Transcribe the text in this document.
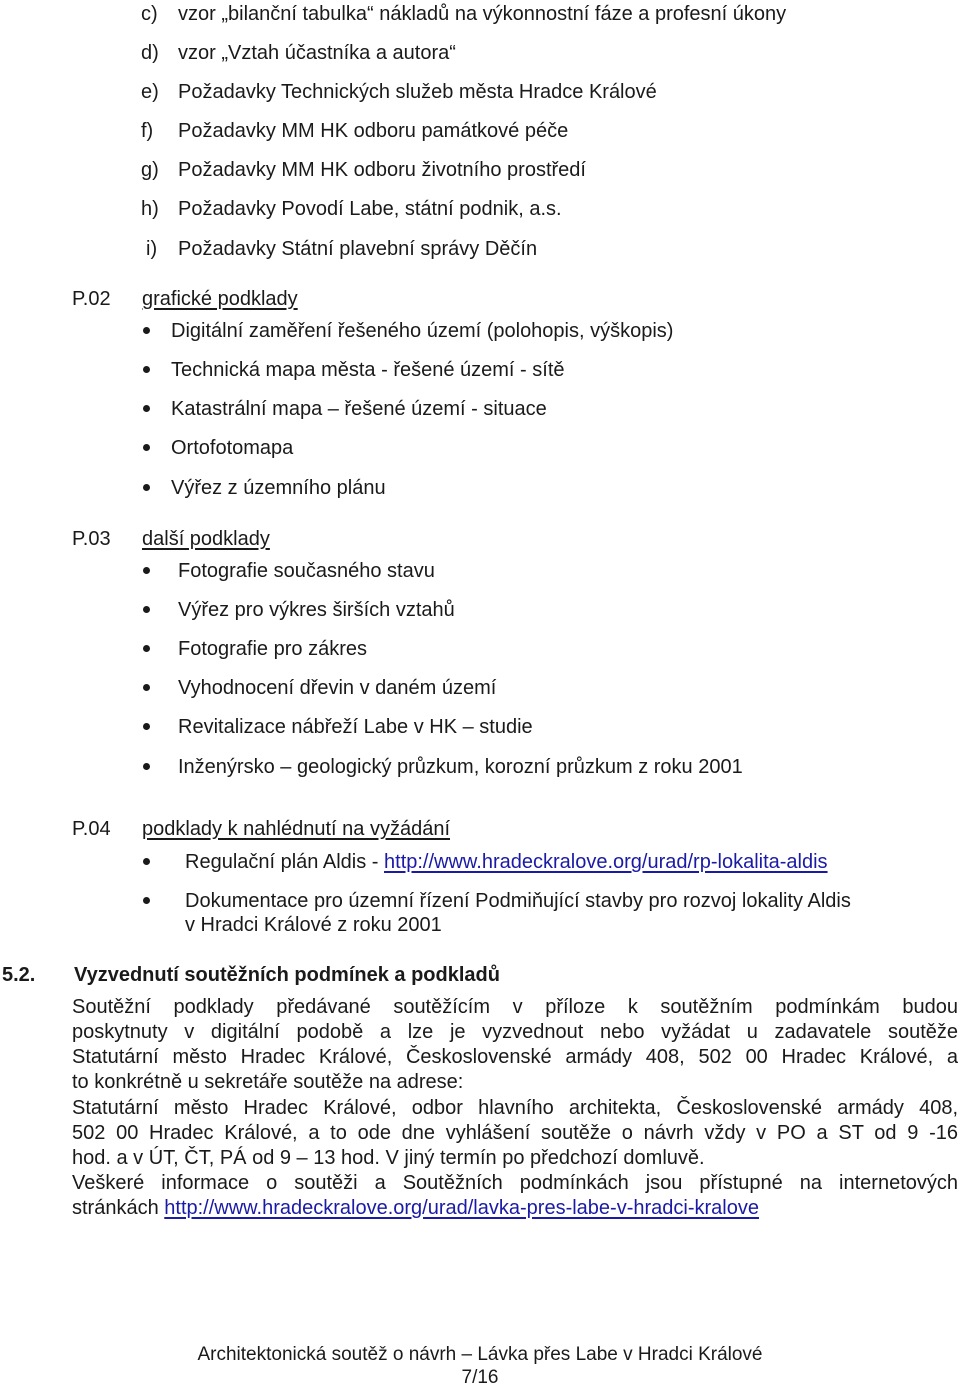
c) vzor „bilanční tabulka“ nákladů na výkonnostní fáze a profesní úkony
d) vzor „Vztah účastníka a autora“
e) Požadavky Technických služeb města Hradce Králové
f) Požadavky MM HK odboru památkové péče
g) Požadavky MM HK odboru životního prostředí
h) Požadavky Povodí Labe, státní podnik, a.s.
i) Požadavky Státní plavební správy Děčín
P.02 grafické podklady
Digitální zaměření řešeného území (polohopis, výškopis)
Technická mapa města - řešené území - sítě
Katastrální mapa – řešené území - situace
Ortofotomapa
Výřez z územního plánu
P.03 další podklady
Fotografie současného stavu
Výřez pro výkres širších vztahů
Fotografie pro zákres
Vyhodnocení dřevin v daném území
Revitalizace nábřeží Labe v HK – studie
Inženýrsko – geologický průzkum, korozní průzkum z roku 2001
P.04 podklady k nahlédnutí na vyžádání
Regulační plán Aldis - http://www.hradeckralove.org/urad/rp-lokalita-aldis
Dokumentace pro územní řízení Podmiňující stavby pro rozvoj lokality Aldis
v Hradci Králové z roku 2001
5.2. Vyzvednutí soutěžních podmínek a podkladů
Soutěžní podklady předávané soutěžícím v příloze k soutěžním podmínkám budou
poskytnuty v digitální podobě a lze je vyzvednout nebo vyžádat u zadavatele soutěže
Statutární město Hradec Králové, Československé armády 408, 502 00 Hradec Králové, a
to konkrétně u sekretáře soutěže na adrese:
Statutární město Hradec Králové, odbor hlavního architekta, Československé armády 408,
502 00 Hradec Králové, a to ode dne vyhlášení soutěže o návrh vždy v PO a ST od 9 -16
hod. a v ÚT, ČT, PÁ od 9 – 13 hod. V jiný termín po předchozí domluvě.
Veškeré informace o soutěži a Soutěžních podmínkách jsou přístupné na internetových
stránkách http://www.hradeckralove.org/urad/lavka-pres-labe-v-hradci-kralove
Architektonická soutěž o návrh – Lávka přes Labe v Hradci Králové
7/16
